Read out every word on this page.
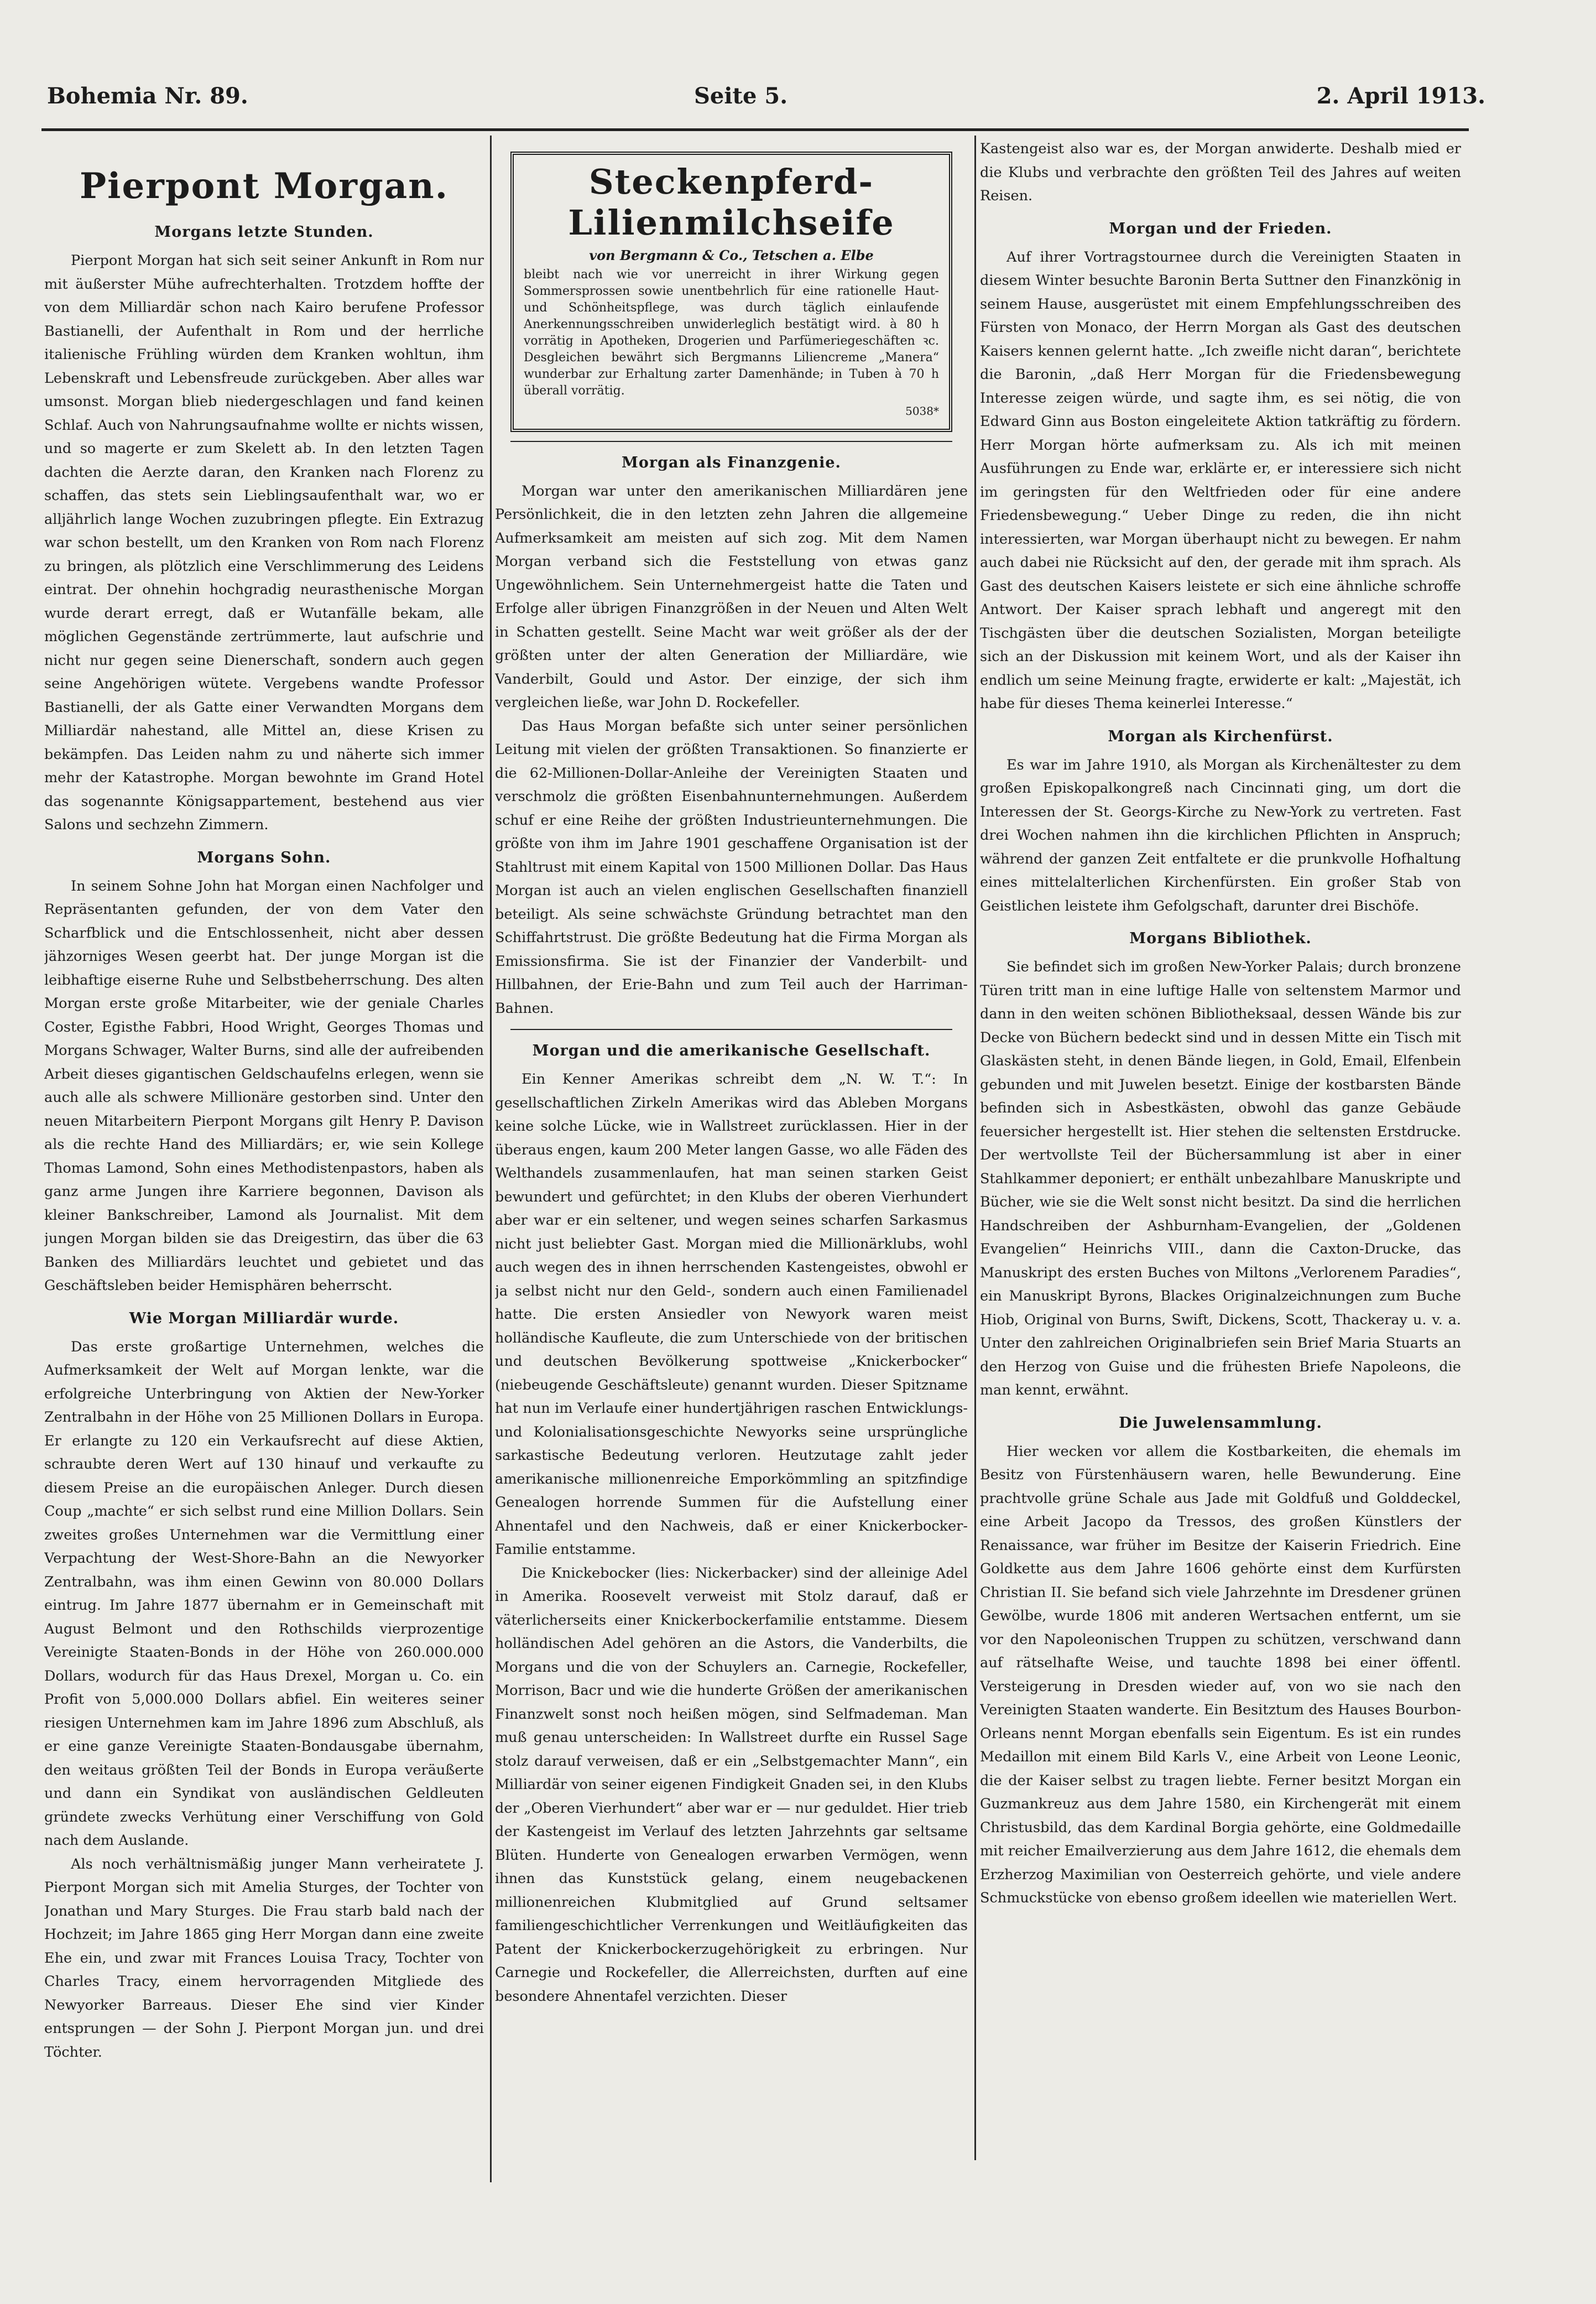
Bohemia Nr. 89.	Seite 5.	2. April 1913.
Pierpont Morgan.
Morgans letzte Stunden.

Pierpont Morgan hat sich seit seiner Ankunft in Rom nur mit äußerster Mühe aufrechterhalten. Trotzdem hoffte der von dem Milliardär schon nach Kairo berufene Professor Bastianelli, der Aufenthalt in Rom und der herrliche italienische Frühling würden dem Kranken wohltun, ihm Lebenskraft und Lebensfreude zurückgeben. Aber alles war umsonst. Morgan blieb niedergeschlagen und fand keinen Schlaf. Auch von Nahrungsaufnahme wollte er nichts wissen, und so magerte er zum Skelett ab. In den letzten Tagen dachten die Aerzte daran, den Kranken nach Florenz zu schaffen, das stets sein Lieblingsaufenthalt war, wo er alljährlich lange Wochen zuzubringen pflegte. Ein Extrazug war schon bestellt, um den Kranken von Rom nach Florenz zu bringen, als plötzlich eine Verschlimmerung des Leidens eintrat. Der ohnehin hochgradig neurasthenische Morgan wurde derart erregt, daß er Wutanfälle bekam, alle möglichen Gegenstände zertrümmerte, laut aufschrie und nicht nur gegen seine Dienerschaft, sondern auch gegen seine Angehörigen wütete. Vergebens wandte Professor Bastianelli, der als Gatte einer Verwandten Morgans dem Milliardär nahestand, alle Mittel an, diese Krisen zu bekämpfen. Das Leiden nahm zu und näherte sich immer mehr der Katastrophe. Morgan bewohnte im Grand Hotel das sogenannte Königsappartement, bestehend aus vier Salons und sechzehn Zimmern.

Morgans Sohn.

In seinem Sohne John hat Morgan einen Nachfolger und Repräsentanten gefunden, der von dem Vater den Scharfblick und die Entschlossenheit, nicht aber dessen jähzorniges Wesen geerbt hat. Der junge Morgan ist die leibhaftige eiserne Ruhe und Selbstbeherrschung. Des alten Morgan erste große Mitarbeiter, wie der geniale Charles Coster, Egisthe Fabbri, Hood Wright, Georges Thomas und Morgans Schwager, Walter Burns, sind alle der aufreibenden Arbeit dieses gigantischen Geldschaufelns erlegen, wenn sie auch alle als schwere Millionäre gestorben sind. Unter den neuen Mitarbeitern Pierpont Morgans gilt Henry P. Davison als die rechte Hand des Milliardärs; er, wie sein Kollege Thomas Lamond, Sohn eines Methodistenpastors, haben als ganz arme Jungen ihre Karriere begonnen, Davison als kleiner Bankschreiber, Lamond als Journalist. Mit dem jungen Morgan bilden sie das Dreigestirn, das über die 63 Banken des Milliardärs leuchtet und gebietet und das Geschäftsleben beider Hemisphären beherrscht.

Wie Morgan Milliardär wurde.

Das erste großartige Unternehmen, welches die Aufmerksamkeit der Welt auf Morgan lenkte, war die erfolgreiche Unterbringung von Aktien der New-Yorker Zentralbahn in der Höhe von 25 Millionen Dollars in Europa. Er erlangte zu 120 ein Verkaufsrecht auf diese Aktien, schraubte deren Wert auf 130 hinauf und verkaufte zu diesem Preise an die europäischen Anleger. Durch diesen Coup „machte“ er sich selbst rund eine Million Dollars. Sein zweites großes Unternehmen war die Vermittlung einer Verpachtung der West-Shore-Bahn an die Newyorker Zentralbahn, was ihm einen Gewinn von 80.000 Dollars eintrug. Im Jahre 1877 übernahm er in Gemeinschaft mit August Belmont und den Rothschilds vierprozentige Vereinigte Staaten-Bonds in der Höhe von 260.000.000 Dollars, wodurch für das Haus Drexel, Morgan u. Co. ein Profit von 5,000.000 Dollars abfiel. Ein weiteres seiner riesigen Unternehmen kam im Jahre 1896 zum Abschluß, als er eine ganze Vereinigte Staaten-Bondausgabe übernahm, den weitaus größten Teil der Bonds in Europa veräußerte und dann ein Syndikat von ausländischen Geldleuten gründete zwecks Verhütung einer Verschiffung von Gold nach dem Auslande.

Als noch verhältnismäßig junger Mann verheiratete J. Pierpont Morgan sich mit Amelia Sturges, der Tochter von Jonathan und Mary Sturges. Die Frau starb bald nach der Hochzeit; im Jahre 1865 ging Herr Morgan dann eine zweite Ehe ein, und zwar mit Frances Louisa Tracy, Tochter von Charles Tracy, einem hervorragenden Mitgliede des Newyorker Barreaus. Dieser Ehe sind vier Kinder entsprungen — der Sohn J. Pierpont Morgan jun. und drei Töchter.

Steckenpferd-
Lilienmilchseife
von Bergmann & Co., Tetschen a. Elbe
bleibt nach wie vor unerreicht in ihrer Wirkung gegen Sommersprossen sowie unentbehrlich für eine rationelle Haut- und Schönheitspflege, was durch täglich einlaufende Anerkennungsschreiben unwiderleglich bestätigt wird. à 80 h vorrätig in Apotheken, Drogerien und Parfümeriegeschäften ꝛc. Desgleichen bewährt sich Bergmanns Liliencreme „Manera“ wunderbar zur Erhaltung zarter Damenhände; in Tuben à 70 h überall vorrätig.
5038*
Morgan als Finanzgenie.

Morgan war unter den amerikanischen Milliardären jene Persönlichkeit, die in den letzten zehn Jahren die allgemeine Aufmerksamkeit am meisten auf sich zog. Mit dem Namen Morgan verband sich die Feststellung von etwas ganz Ungewöhnlichem. Sein Unternehmergeist hatte die Taten und Erfolge aller übrigen Finanzgrößen in der Neuen und Alten Welt in Schatten gestellt. Seine Macht war weit größer als der der größten unter der alten Generation der Milliardäre, wie Vanderbilt, Gould und Astor. Der einzige, der sich ihm vergleichen ließe, war John D. Rockefeller.

Das Haus Morgan befaßte sich unter seiner persönlichen Leitung mit vielen der größten Transaktionen. So finanzierte er die 62-Millionen-Dollar-Anleihe der Vereinigten Staaten und verschmolz die größten Eisenbahnunternehmungen. Außerdem schuf er eine Reihe der größten Industrieunternehmungen. Die größte von ihm im Jahre 1901 geschaffene Organisation ist der Stahltrust mit einem Kapital von 1500 Millionen Dollar. Das Haus Morgan ist auch an vielen englischen Gesellschaften finanziell beteiligt. Als seine schwächste Gründung betrachtet man den Schiffahrtstrust. Die größte Bedeutung hat die Firma Morgan als Emissionsfirma. Sie ist der Finanzier der Vanderbilt- und Hillbahnen, der Erie-Bahn und zum Teil auch der Harriman-Bahnen.

Morgan und die amerikanische Gesellschaft.

Ein Kenner Amerikas schreibt dem „N. W. T.“: In gesellschaftlichen Zirkeln Amerikas wird das Ableben Morgans keine solche Lücke, wie in Wallstreet zurücklassen. Hier in der überaus engen, kaum 200 Meter langen Gasse, wo alle Fäden des Welthandels zusammenlaufen, hat man seinen starken Geist bewundert und gefürchtet; in den Klubs der oberen Vierhundert aber war er ein seltener, und wegen seines scharfen Sarkasmus nicht just beliebter Gast. Morgan mied die Millionärklubs, wohl auch wegen des in ihnen herrschenden Kastengeistes, obwohl er ja selbst nicht nur den Geld-, sondern auch einen Familienadel hatte. Die ersten Ansiedler von Newyork waren meist holländische Kaufleute, die zum Unterschiede von der britischen und deutschen Bevölkerung spottweise „Knickerbocker“ (niebeugende Geschäftsleute) genannt wurden. Dieser Spitzname hat nun im Verlaufe einer hundertjährigen raschen Entwicklungs- und Kolonialisationsgeschichte Newyorks seine ursprüngliche sarkastische Bedeutung verloren. Heutzutage zahlt jeder amerikanische millionenreiche Emporkömmling an spitzfindige Genealogen horrende Summen für die Aufstellung einer Ahnentafel und den Nachweis, daß er einer Knickerbocker-Familie entstamme.

Die Knickebocker (lies: Nickerbacker) sind der alleinige Adel in Amerika. Roosevelt verweist mit Stolz darauf, daß er väterlicherseits einer Knickerbockerfamilie entstamme. Diesem holländischen Adel gehören an die Astors, die Vanderbilts, die Morgans und die von der Schuylers an. Carnegie, Rockefeller, Morrison, Bacr und wie die hunderte Größen der amerikanischen Finanzwelt sonst noch heißen mögen, sind Selfmademan. Man muß genau unterscheiden: In Wallstreet durfte ein Russel Sage stolz darauf verweisen, daß er ein „Selbstgemachter Mann“, ein Milliardär von seiner eigenen Findigkeit Gnaden sei, in den Klubs der „Oberen Vierhundert“ aber war er — nur geduldet. Hier trieb der Kastengeist im Verlauf des letzten Jahrzehnts gar seltsame Blüten. Hunderte von Genealogen erwarben Vermögen, wenn ihnen das Kunststück gelang, einem neugebackenen millionenreichen Klubmitglied auf Grund seltsamer familiengeschichtlicher Verrenkungen und Weitläufigkeiten das Patent der Knickerbockerzugehörigkeit zu erbringen. Nur Carnegie und Rockefeller, die Allerreichsten, durften auf eine besondere Ahnentafel verzichten. Dieser

Kastengeist also war es, der Morgan anwiderte. Deshalb mied er die Klubs und verbrachte den größten Teil des Jahres auf weiten Reisen.

Morgan und der Frieden.

Auf ihrer Vortragstournee durch die Vereinigten Staaten in diesem Winter besuchte Baronin Berta Suttner den Finanzkönig in seinem Hause, ausgerüstet mit einem Empfehlungsschreiben des Fürsten von Monaco, der Herrn Morgan als Gast des deutschen Kaisers kennen gelernt hatte. „Ich zweifle nicht daran“, berichtete die Baronin, „daß Herr Morgan für die Friedensbewegung Interesse zeigen würde, und sagte ihm, es sei nötig, die von Edward Ginn aus Boston eingeleitete Aktion tatkräftig zu fördern. Herr Morgan hörte aufmerksam zu. Als ich mit meinen Ausführungen zu Ende war, erklärte er, er interessiere sich nicht im geringsten für den Weltfrieden oder für eine andere Friedensbewegung.“ Ueber Dinge zu reden, die ihn nicht interessierten, war Morgan überhaupt nicht zu bewegen. Er nahm auch dabei nie Rücksicht auf den, der gerade mit ihm sprach. Als Gast des deutschen Kaisers leistete er sich eine ähnliche schroffe Antwort. Der Kaiser sprach lebhaft und angeregt mit den Tischgästen über die deutschen Sozialisten, Morgan beteiligte sich an der Diskussion mit keinem Wort, und als der Kaiser ihn endlich um seine Meinung fragte, erwiderte er kalt: „Majestät, ich habe für dieses Thema keinerlei Interesse.“

Morgan als Kirchenfürst.

Es war im Jahre 1910, als Morgan als Kirchenältester zu dem großen Episkopalkongreß nach Cincinnati ging, um dort die Interessen der St. Georgs-Kirche zu New-York zu vertreten. Fast drei Wochen nahmen ihn die kirchlichen Pflichten in Anspruch; während der ganzen Zeit entfaltete er die prunkvolle Hofhaltung eines mittelalterlichen Kirchenfürsten. Ein großer Stab von Geistlichen leistete ihm Gefolgschaft, darunter drei Bischöfe.

Morgans Bibliothek.

Sie befindet sich im großen New-Yorker Palais; durch bronzene Türen tritt man in eine luftige Halle von seltenstem Marmor und dann in den weiten schönen Bibliotheksaal, dessen Wände bis zur Decke von Büchern bedeckt sind und in dessen Mitte ein Tisch mit Glaskästen steht, in denen Bände liegen, in Gold, Email, Elfenbein gebunden und mit Juwelen besetzt. Einige der kostbarsten Bände befinden sich in Asbestkästen, obwohl das ganze Gebäude feuersicher hergestellt ist. Hier stehen die seltensten Erstdrucke. Der wertvollste Teil der Büchersammlung ist aber in einer Stahlkammer deponiert; er enthält unbezahlbare Manuskripte und Bücher, wie sie die Welt sonst nicht besitzt. Da sind die herrlichen Handschreiben der Ashburnham-Evangelien, der „Goldenen Evangelien“ Heinrichs VIII., dann die Caxton-Drucke, das Manuskript des ersten Buches von Miltons „Verlorenem Paradies“, ein Manuskript Byrons, Blackes Originalzeichnungen zum Buche Hiob, Original von Burns, Swift, Dickens, Scott, Thackeray u. v. a. Unter den zahlreichen Originalbriefen sein Brief Maria Stuarts an den Herzog von Guise und die frühesten Briefe Napoleons, die man kennt, erwähnt.

Die Juwelensammlung.

Hier wecken vor allem die Kostbarkeiten, die ehemals im Besitz von Fürstenhäusern waren, helle Bewunderung. Eine prachtvolle grüne Schale aus Jade mit Goldfuß und Golddeckel, eine Arbeit Jacopo da Tressos, des großen Künstlers der Renaissance, war früher im Besitze der Kaiserin Friedrich. Eine Goldkette aus dem Jahre 1606 gehörte einst dem Kurfürsten Christian II. Sie befand sich viele Jahrzehnte im Dresdener grünen Gewölbe, wurde 1806 mit anderen Wertsachen entfernt, um sie vor den Napoleonischen Truppen zu schützen, verschwand dann auf rätselhafte Weise, und tauchte 1898 bei einer öffentl. Versteigerung in Dresden wieder auf, von wo sie nach den Vereinigten Staaten wanderte. Ein Besitztum des Hauses Bourbon-Orleans nennt Morgan ebenfalls sein Eigentum. Es ist ein rundes Medaillon mit einem Bild Karls V., eine Arbeit von Leone Leonic, die der Kaiser selbst zu tragen liebte. Ferner besitzt Morgan ein Guzmankreuz aus dem Jahre 1580, ein Kirchengerät mit einem Christusbild, das dem Kardinal Borgia gehörte, eine Goldmedaille mit reicher Emailverzierung aus dem Jahre 1612, die ehemals dem Erzherzog Maximilian von Oesterreich gehörte, und viele andere Schmuckstücke von ebenso großem ideellen wie materiellen Wert.
